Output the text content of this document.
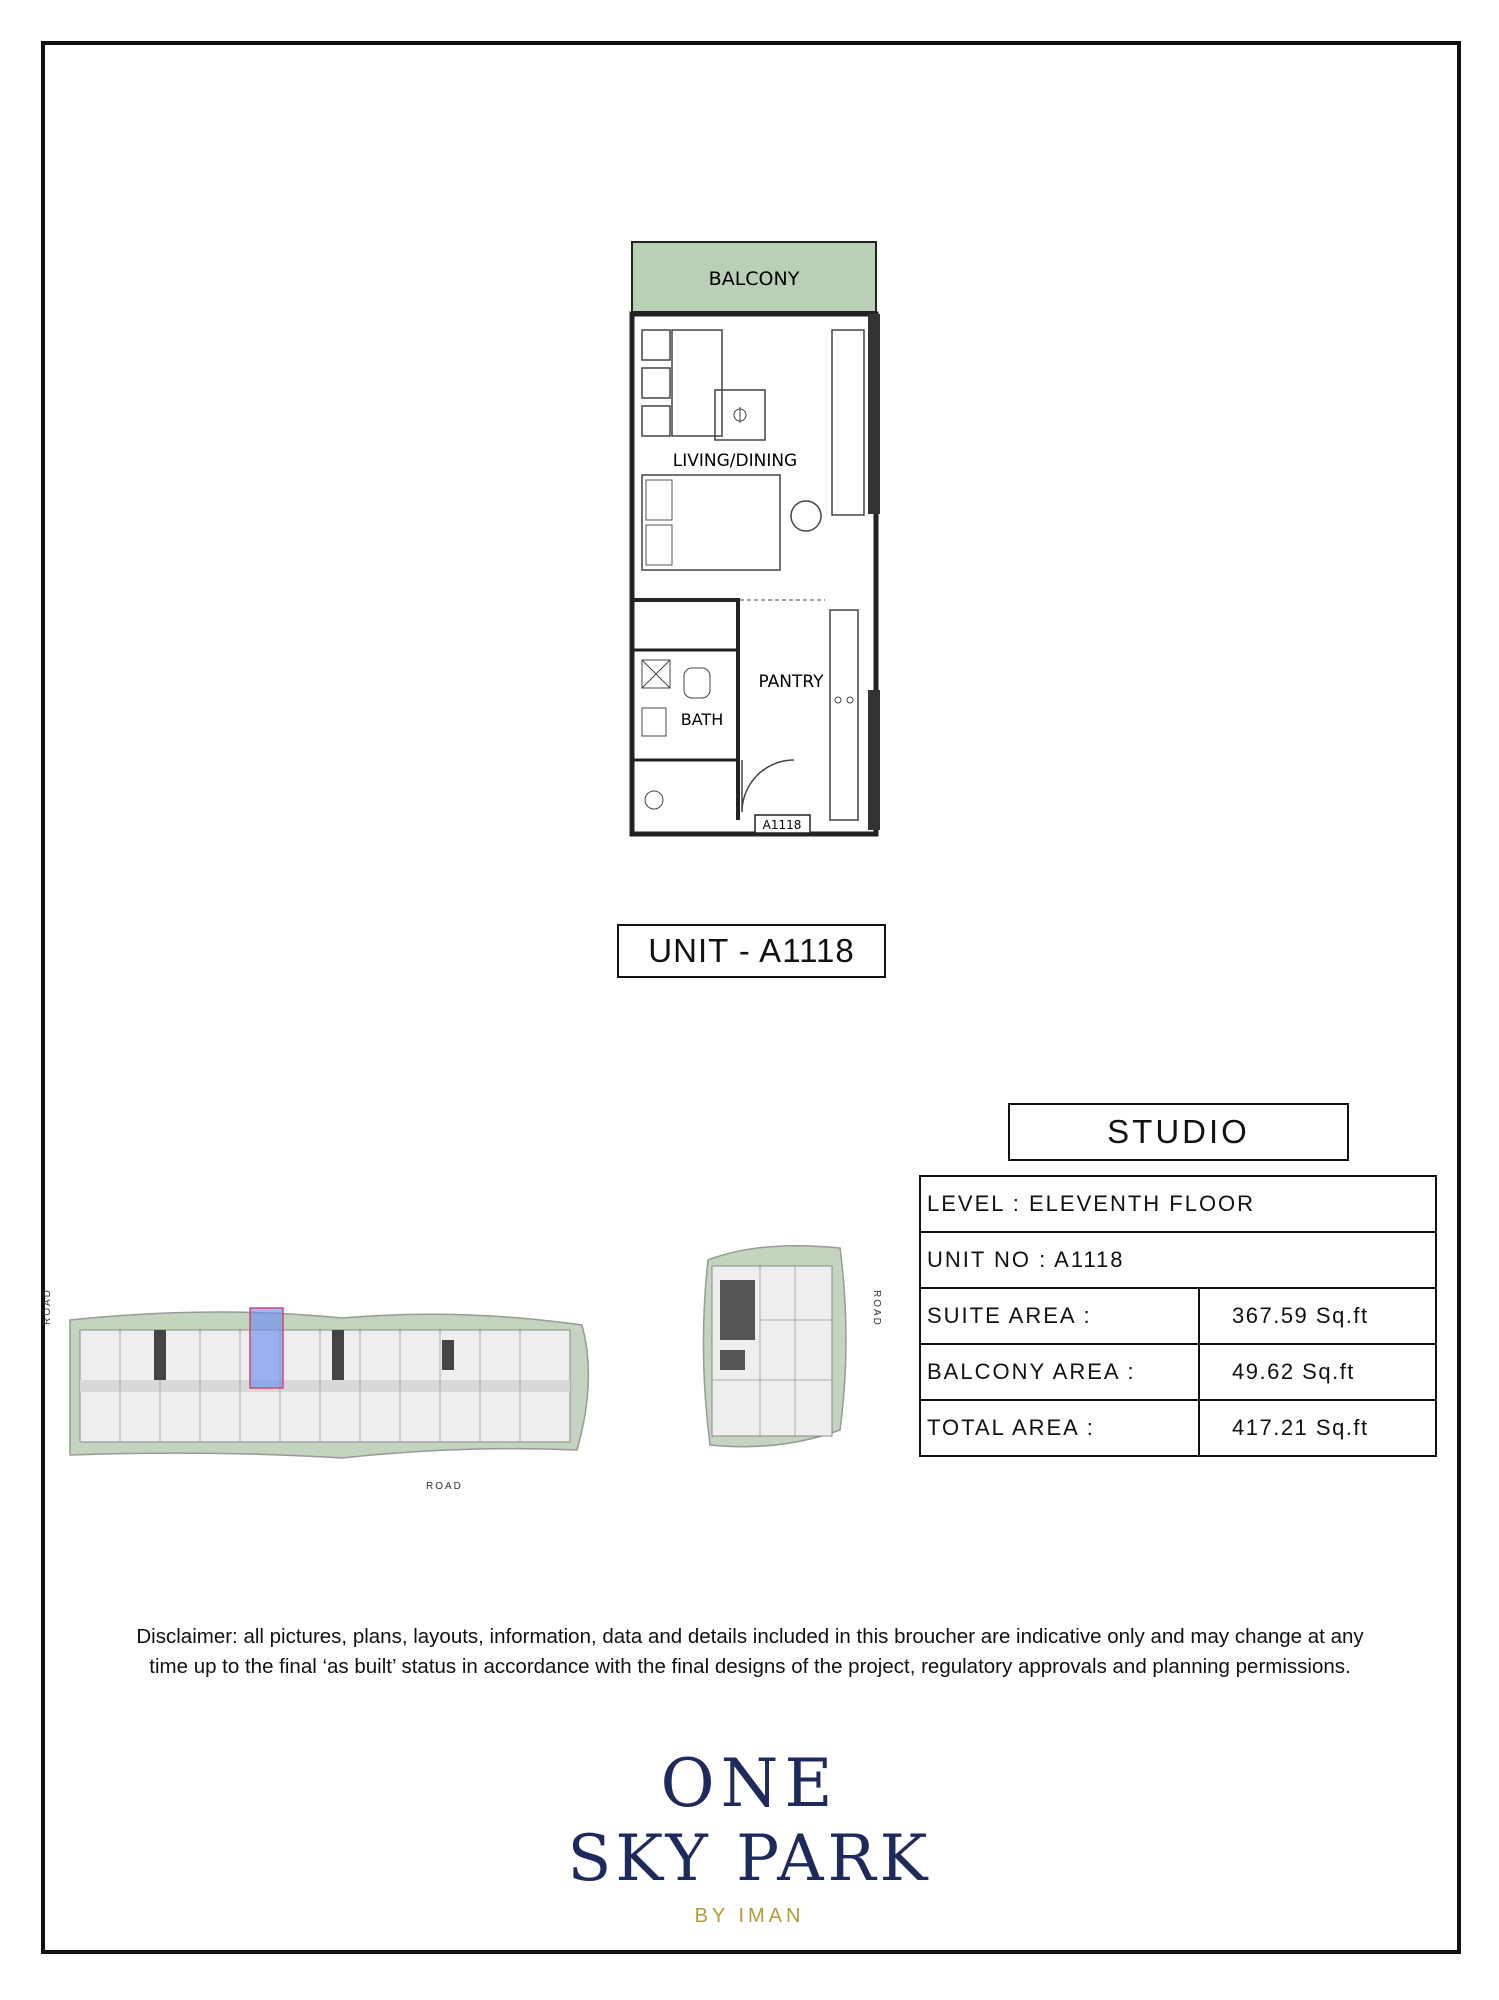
BALCONY
LIVING/DINING
BATH
PANTRY
A1118
UNIT - A1118
STUDIO
LEVEL : ELEVENTH FLOOR	
UNIT NO : A1118	
SUITE AREA :	367.59 Sq.ft
BALCONY AREA :	49.62 Sq.ft
TOTAL AREA :	417.21 Sq.ft
ROAD
ROAD
ROAD
Disclaimer: all pictures, plans, layouts, information, data and details included in this broucher are indicative only and may change at any time up to the final ‘as built’ status in accordance with the final designs of the project, regulatory approvals and planning permissions.
ONE
SKY PARK
BY IMAN
